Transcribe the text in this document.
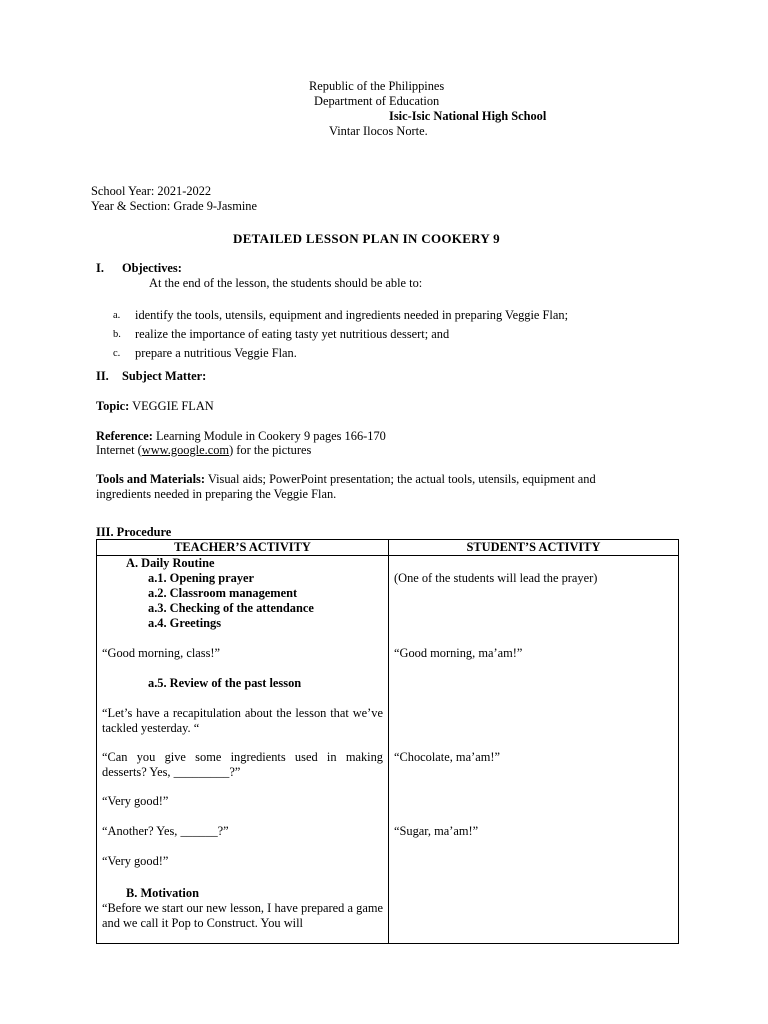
Republic of the Philippines
Department of Education
Isic-Isic National High School
Vintar Ilocos Norte.
School Year: 2021-2022
Year & Section: Grade 9-Jasmine
DETAILED LESSON PLAN IN COOKERY 9
I. Objectives:
At the end of the lesson, the students should be able to:
a. identify the tools, utensils, equipment and ingredients needed in preparing Veggie Flan;
b. realize the importance of eating tasty yet nutritious dessert; and
c. prepare a nutritious Veggie Flan.
II. Subject Matter:
Topic: VEGGIE FLAN
Reference: Learning Module in Cookery 9 pages 166-170
Internet (www.google.com) for the pictures
Tools and Materials: Visual aids; PowerPoint presentation; the actual tools, utensils, equipment and
ingredients needed in preparing the Veggie Flan.
III. Procedure
TEACHER’S ACTIVITY	STUDENT’S ACTIVITY
A. Daily Routine
a.1. Opening prayer
a.2. Classroom management
a.3. Checking of the attendance
a.4. Greetings
“Good morning, class!”
a.5. Review of the past lesson
“Let’s have a recapitulation about the lesson that we’ve tackled yesterday. “
“Can you give some ingredients used in making desserts? Yes, _________?”
“Very good!”
“Another? Yes, ______?”
“Very good!”
B. Motivation
“Before we start our new lesson, I have prepared a game and we call it Pop to Construct. You will
(One of the students will lead the prayer)
“Good morning, ma’am!”
“Chocolate, ma’am!”
“Sugar, ma’am!”
